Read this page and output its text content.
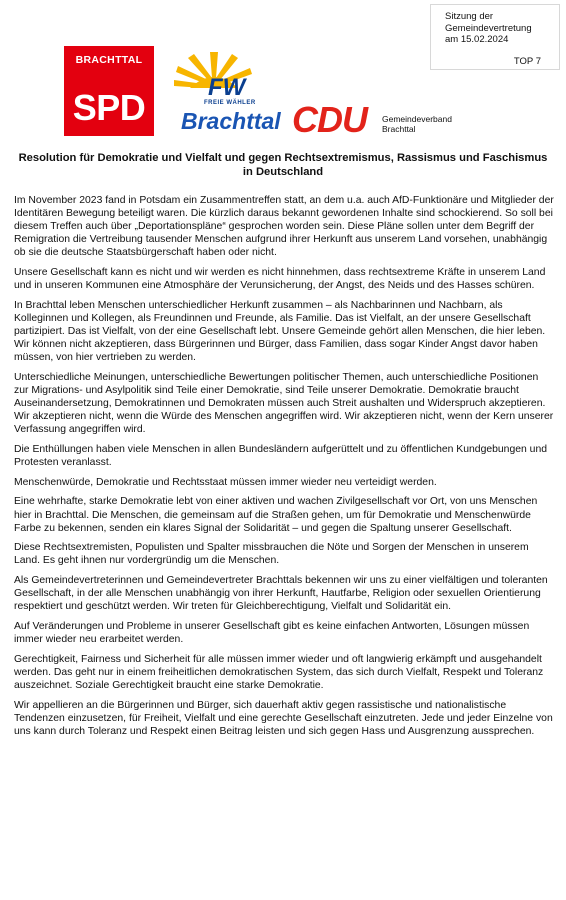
Sitzung der
Gemeindevertretung
am 15.02.2024
TOP 7
BRACHTTAL
SPD	FW
FREIE WÄHLER
Brachttal CDU Gemeindeverband
Brachttal
Resolution für Demokratie und Vielfalt und gegen Rechtsextremismus, Rassismus und Faschismus in Deutschland

Im November 2023 fand in Potsdam ein Zusammentreffen statt, an dem u.a. auch AfD-Funktionäre und Mitglieder der Identitären Bewegung beteiligt waren. Die kürzlich daraus bekannt gewordenen Inhalte sind schockierend. So soll bei diesem Treffen auch über „Deportationspläne“ gesprochen worden sein. Diese Pläne sollen unter dem Begriff der Remigration die Vertreibung tausender Menschen aufgrund ihrer Herkunft aus unserem Land vorsehen, unabhängig ob sie die deutsche Staatsbürgerschaft haben oder nicht.

Unsere Gesellschaft kann es nicht und wir werden es nicht hinnehmen, dass rechtsextreme Kräfte in unserem Land und in unseren Kommunen eine Atmosphäre der Verunsicherung, der Angst, des Neids und des Hasses schüren.

In Brachttal leben Menschen unterschiedlicher Herkunft zusammen – als Nachbarinnen und Nachbarn, als Kolleginnen und Kollegen, als Freundinnen und Freunde, als Familie. Das ist Vielfalt, an der unsere Gesellschaft partizipiert. Das ist Vielfalt, von der eine Gesellschaft lebt. Unsere Gemeinde gehört allen Menschen, die hier leben. Wir können nicht akzeptieren, dass Bürgerinnen und Bürger, dass Familien, dass sogar Kinder Angst davor haben müssen, von hier vertrieben zu werden.

Unterschiedliche Meinungen, unterschiedliche Bewertungen politischer Themen, auch unterschiedliche Positionen zur Migrations- und Asylpolitik sind Teile einer Demokratie, sind Teile unserer Demokratie. Demokratie braucht Auseinandersetzung, Demokratinnen und Demokraten müssen auch Streit aushalten und Widerspruch akzeptieren. Wir akzeptieren nicht, wenn die Würde des Menschen angegriffen wird. Wir akzeptieren nicht, wenn der Kern unserer Verfassung angegriffen wird.

Die Enthüllungen haben viele Menschen in allen Bundesländern aufgerüttelt und zu öffentlichen Kundgebungen und Protesten veranlasst.

Menschenwürde, Demokratie und Rechtsstaat müssen immer wieder neu verteidigt werden.

Eine wehrhafte, starke Demokratie lebt von einer aktiven und wachen Zivilgesellschaft vor Ort, von uns Menschen hier in Brachttal. Die Menschen, die gemeinsam auf die Straßen gehen, um für Demokratie und Menschenwürde Farbe zu bekennen, senden ein klares Signal der Solidarität – und gegen die Spaltung unserer Gesellschaft.

Diese Rechtsextremisten, Populisten und Spalter missbrauchen die Nöte und Sorgen der Menschen in unserem Land. Es geht ihnen nur vordergründig um die Menschen.

Als Gemeindevertreterinnen und Gemeindevertreter Brachttals bekennen wir uns zu einer vielfältigen und toleranten Gesellschaft, in der alle Menschen unabhängig von ihrer Herkunft, Hautfarbe, Religion oder sexuellen Orientierung respektiert und geschützt werden. Wir treten für Gleichberechtigung, Vielfalt und Solidarität ein.

Auf Veränderungen und Probleme in unserer Gesellschaft gibt es keine einfachen Antworten, Lösungen müssen immer wieder neu erarbeitet werden.

Gerechtigkeit, Fairness und Sicherheit für alle müssen immer wieder und oft langwierig erkämpft und ausgehandelt werden. Das geht nur in einem freiheitlichen demokratischen System, das sich durch Vielfalt, Respekt und Toleranz auszeichnet. Soziale Gerechtigkeit braucht eine starke Demokratie.

Wir appellieren an die Bürgerinnen und Bürger, sich dauerhaft aktiv gegen rassistische und nationalistische Tendenzen einzusetzen, für Freiheit, Vielfalt und eine gerechte Gesellschaft einzutreten. Jede und jeder Einzelne von uns kann durch Toleranz und Respekt einen Beitrag leisten und sich gegen Hass und Ausgrenzung aussprechen.
